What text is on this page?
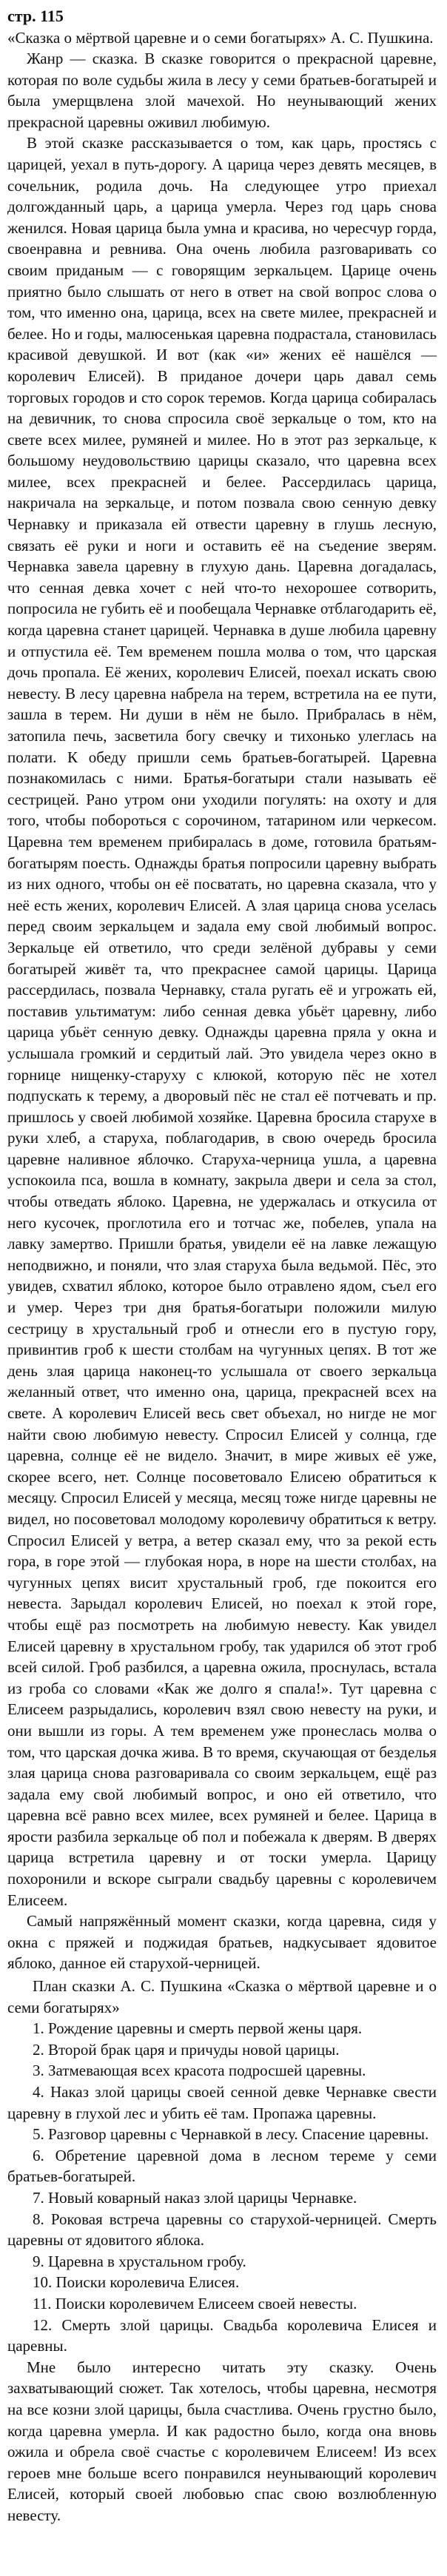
стр. 115
«Сказка о мёртвой царевне и о семи богатырях» А. С. Пушкина.

Жанр — сказка. В сказке говорится о прекрасной царевне, которая по воле судьбы жила в лесу у семи братьев-богатырей и была умерщвлена злой мачехой. Но неунывающий жених прекрасной царевны оживил любимую.

В этой сказке рассказывается о том, как царь, простясь с царицей, уехал в путь-дорогу. А царица через девять месяцев, в сочельник, родила дочь. На следующее утро приехал долгожданный царь, а царица умерла. Через год царь снова женился. Новая царица была умна и красива, но чересчур горда, своенравна и ревнива. Она очень любила разговаривать со своим приданым — с говорящим зеркальцем. Царице очень приятно было слышать от него в ответ на свой вопрос слова о том, что именно она, царица, всех на свете милее, прекрасней и белее. Но и годы, малюсенькая царевна подрастала, становилась красивой девушкой. И вот (как «и» жених её нашёлся — королевич Елисей). В приданое дочери царь давал семь торговых городов и сто сорок теремов. Когда царица собиралась на девичник, то снова спросила своё зеркальце о том, кто на свете всех милее, румяней и милее. Но в этот раз зеркальце, к большому неудовольствию царицы сказало, что царевна всех милее, всех прекрасней и белее. Рассердилась царица, накричала на зеркальце, и потом позвала свою сенную девку Чернавку и приказала ей отвести царевну в глушь лесную, связать её руки и ноги и оставить её на съедение зверям. Чернавка завела царевну в глухую дань. Царевна догадалась, что сенная девка хочет с ней что-то нехорошее сотворить, попросила не губить её и пообещала Чернавке отблагодарить её, когда царевна станет царицей. Чернавка в душе любила царевну и отпустила её. Тем временем пошла молва о том, что царская дочь пропала. Её жених, королевич Елисей, поехал искать свою невесту. В лесу царевна набрела на терем, встретила на ее пути, зашла в терем. Ни души в нём не было. Прибралась в нём, затопила печь, засветила богу свечку и тихонько улеглась на полати. К обеду пришли семь братьев-богатырей. Царевна познакомилась с ними. Братья-богатыри стали называть её сестрицей. Рано утром они уходили погулять: на охоту и для того, чтобы побороться с сорочином, татарином или черкесом. Царевна тем временем прибиралась в доме, готовила братьям-богатырям поесть. Однажды братья попросили царевну выбрать из них одного, чтобы он её посватать, но царевна сказала, что у неё есть жених, королевич Елисей. А злая царица снова уселась перед своим зеркальцем и задала ему свой любимый вопрос. Зеркальце ей ответило, что среди зелёной дубравы у семи богатырей живёт та, что прекраснее самой царицы. Царица рассердилась, позвала Чернавку, стала ругать её и угрожать ей, поставив ультиматум: либо сенная девка убьёт царевну, либо царица убьёт сенную девку. Однажды царевна пряла у окна и услышала громкий и сердитый лай. Это увидела через окно в горнице нищенку-старуху с клюкой, которую пёс не хотел подпускать к терему, а дворовый пёс не стал её потчевать и пр. пришлось у своей любимой хозяйке. Царевна бросила старухе в руки хлеб, а старуха, поблагодарив, в свою очередь бросила царевне наливное яблочко. Старуха-черница ушла, а царевна успокоила пса, вошла в комнату, закрыла двери и села за стол, чтобы отведать яблоко. Царевна, не удержалась и откусила от него кусочек, проглотила его и тотчас же, побелев, упала на лавку замертво. Пришли братья, увидели её на лавке лежащую неподвижно, и поняли, что злая старуха была ведьмой. Пёс, это увидев, схватил яблоко, которое было отравлено ядом, съел его и умер. Через три дня братья-богатыри положили милую сестрицу в хрустальный гроб и отнесли его в пустую гору, привинтив гроб к шести столбам на чугунных цепях. В тот же день злая царица наконец-то услышала от своего зеркальца желанный ответ, что именно она, царица, прекрасней всех на свете. А королевич Елисей весь свет объехал, но нигде не мог найти свою любимую невесту. Спросил Елисей у солнца, где царевна, солнце её не видело. Значит, в мире живых её уже, скорее всего, нет. Солнце посоветовало Елисею обратиться к месяцу. Спросил Елисей у месяца, месяц тоже нигде царевны не видел, но посоветовал молодому королевичу обратиться к ветру. Спросил Елисей у ветра, а ветер сказал ему, что за рекой есть гора, в горе этой — глубокая нора, в норе на шести столбах, на чугунных цепях висит хрустальный гроб, где покоится его невеста. Зарыдал королевич Елисей, но поехал к этой горе, чтобы ещё раз посмотреть на любимую невесту. Как увидел Елисей царевну в хрустальном гробу, так ударился об этот гроб всей силой. Гроб разбился, а царевна ожила, проснулась, встала из гроба со словами «Как же долго я спала!». Тут царевна с Елисеем разрыдались, королевич взял свою невесту на руки, и они вышли из горы. А тем временем уже пронеслась молва о том, что царская дочка жива. В то время, скучающая от безделья злая царица снова разговаривала со своим зеркальцем, ещё раз задала ему свой любимый вопрос, и оно ей ответило, что царевна всё равно всех милее, всех румяней и белее. Царица в ярости разбила зеркальце об пол и побежала к дверям. В дверях царица встретила царевну и от тоски умерла. Царицу похоронили и вскоре сыграли свадьбу царевны с королевичем Елисеем.

Самый напряжённый момент сказки, когда царевна, сидя у окна с пряжей и поджидая братьев, надкусывает ядовитое яблоко, данное ей старухой-черницей.

План сказки А. С. Пушкина «Сказка о мёртвой царевне и о семи богатырях»

1. Рождение царевны и смерть первой жены царя.
2. Второй брак царя и причуды новой царицы.
3. Затмевающая всех красота подросшей царевны.
4. Наказ злой царицы своей сенной девке Чернавке свести царевну в глухой лес и убить её там. Пропажа царевны.
5. Разговор царевны с Чернавкой в лесу. Спасение царевны.
6. Обретение царевной дома в лесном тереме у семи братьев-богатырей.
7. Новый коварный наказ злой царицы Чернавке.
8. Роковая встреча царевны со старухой-черницей. Смерть царевны от ядовитого яблока.
9. Царевна в хрустальном гробу.
10. Поиски королевича Елисея.
11. Поиски королевичем Елисеем своей невесты.
12. Смерть злой царицы. Свадьба королевича Елисея и царевны.

Мне было интересно читать эту сказку. Очень захватывающий сюжет. Так хотелось, чтобы царевна, несмотря на все козни злой царицы, была счастлива. Очень грустно было, когда царевна умерла. И как радостно было, когда она вновь ожила и обрела своё счастье с королевичем Елисеем! Из всех героев мне больше всего понравился неунывающий королевич Елисей, который своей любовью спас свою возлюбленную невесту.
